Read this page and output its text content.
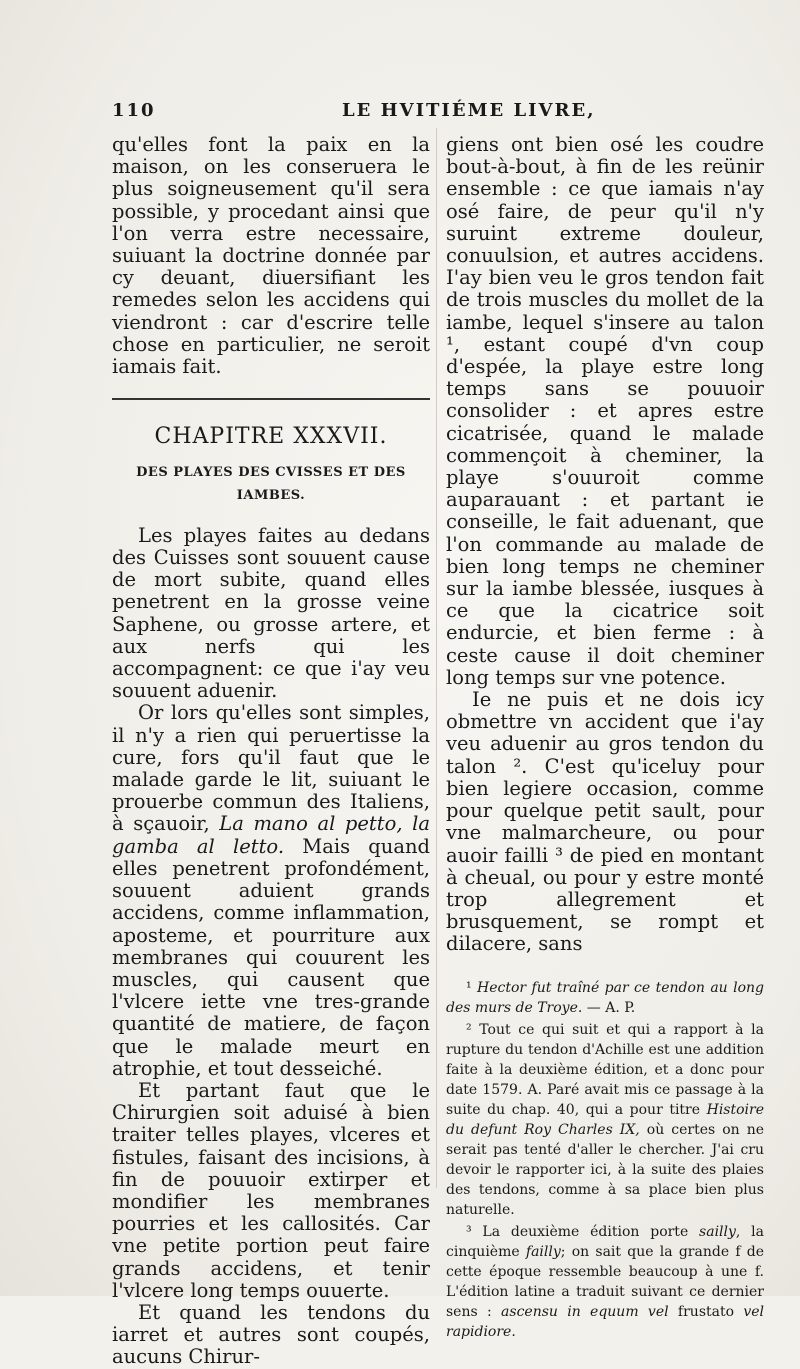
110	LE HVITIÉME LIVRE,

qu'elles font la paix en la maison, on les conseruera le plus soigneusement qu'il sera possible, y procedant ainsi que l'on verra estre necessaire, suiuant la doctrine donnée par cy deuant, diuersifiant les remedes selon les accidens qui viendront : car d'escrire telle chose en particulier, ne seroit iamais fait.

CHAPITRE XXXVII.
DES PLAYES DES CVISSES ET DES IAMBES.

Les playes faites au dedans des Cuisses sont souuent cause de mort subite, quand elles penetrent en la grosse veine Saphene, ou grosse artere, et aux nerfs qui les accompagnent: ce que i'ay veu souuent aduenir.

Or lors qu'elles sont simples, il n'y a rien qui peruertisse la cure, fors qu'il faut que le malade garde le lit, suiuant le prouerbe commun des Italiens, à sçauoir, La mano al petto, la gamba al letto. Mais quand elles penetrent profondément, souuent aduient grands accidens, comme inflammation, aposteme, et pourriture aux membranes qui couurent les muscles, qui causent que l'vlcere iette vne tres-grande quantité de matiere, de façon que le malade meurt en atrophie, et tout desseiché.

Et partant faut que le Chirurgien soit aduisé à bien traiter telles playes, vlceres et fistules, faisant des incisions, à fin de pouuoir extirper et mondifier les membranes pourries et les callosités. Car vne petite portion peut faire grands accidens, et tenir l'vlcere long temps ouuerte.

Et quand les tendons du iarret et autres sont coupés, aucuns Chirur-

giens ont bien osé les coudre bout-à-bout, à fin de les reünir ensemble : ce que iamais n'ay osé faire, de peur qu'il n'y suruint extreme douleur, conuulsion, et autres accidens. I'ay bien veu le gros tendon fait de trois muscles du mollet de la iambe, lequel s'insere au talon ¹, estant coupé d'vn coup d'espée, la playe estre long temps sans se pouuoir consolider : et apres estre cicatrisée, quand le malade commençoit à cheminer, la playe s'ouuroit comme auparauant : et partant ie conseille, le fait aduenant, que l'on commande au malade de bien long temps ne cheminer sur la iambe blessée, iusques à ce que la cicatrice soit endurcie, et bien ferme : à ceste cause il doit cheminer long temps sur vne potence.

Ie ne puis et ne dois icy obmettre vn accident que i'ay veu aduenir au gros tendon du talon ². C'est qu'iceluy pour bien legiere occasion, comme pour quelque petit sault, pour vne malmarcheure, ou pour auoir failli ³ de pied en montant à cheual, ou pour y estre monté trop allegrement et brusquement, se rompt et dilacere, sans

¹ Hector fut traîné par ce tendon au long des murs de Troye. — A. P.

² Tout ce qui suit et qui a rapport à la rupture du tendon d'Achille est une addition faite à la deuxième édition, et a donc pour date 1579. A. Paré avait mis ce passage à la suite du chap. 40, qui a pour titre Histoire du defunt Roy Charles IX, où certes on ne serait pas tenté d'aller le chercher. J'ai cru devoir le rapporter ici, à la suite des plaies des tendons, comme à sa place bien plus naturelle.

³ La deuxième édition porte sailly, la cinquième failly; on sait que la grande f de cette époque ressemble beaucoup à une f. L'édition latine a traduit suivant ce dernier sens : ascensu in equum vel frustato vel rapidiore.
